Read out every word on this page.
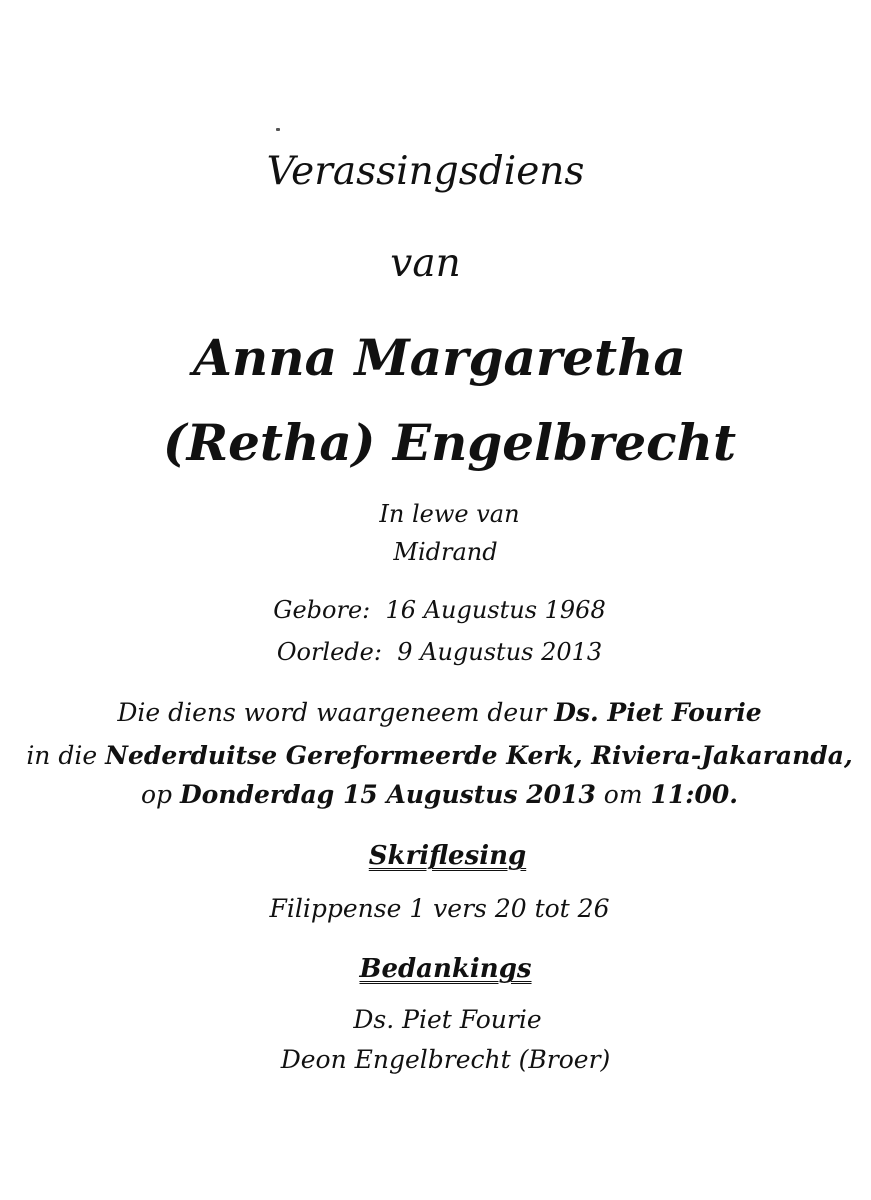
Verassingsdiens
van
Anna Margaretha
(Retha) Engelbrecht
In lewe van
Midrand
Gebore: 16 Augustus 1968
Oorlede: 9 Augustus 2013
Die diens word waargeneem deur Ds. Piet Fourie
in die Nederduitse Gereformeerde Kerk, Riviera-Jakaranda,
op Donderdag 15 Augustus 2013 om 11:00.
Skriflesing
Filippense 1 vers 20 tot 26
Bedankings
Ds. Piet Fourie
Deon Engelbrecht (Broer)
